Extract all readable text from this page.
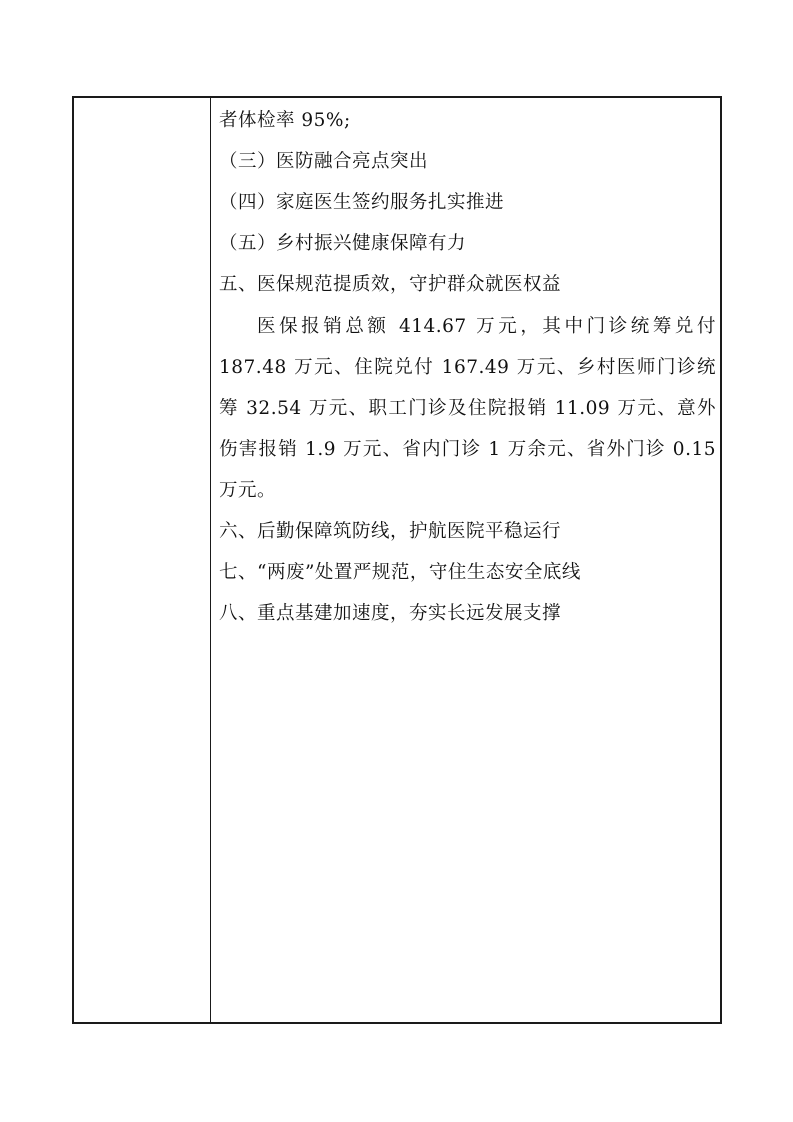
者体检率 95%;
（三）医防融合亮点突出
（四）家庭医生签约服务扎实推进
（五）乡村振兴健康保障有力
五、医保规范提质效，守护群众就医权益
医保报销总额 414.67 万元，其中门诊统筹兑付
187.48 万元、住院兑付 167.49 万元、乡村医师门诊统
筹 32.54 万元、职工门诊及住院报销 11.09 万元、意外
伤害报销 1.9 万元、省内门诊 1 万余元、省外门诊 0.15
万元。
六、后勤保障筑防线，护航医院平稳运行
七、“两废”处置严规范，守住生态安全底线
八、重点基建加速度，夯实长远发展支撑
